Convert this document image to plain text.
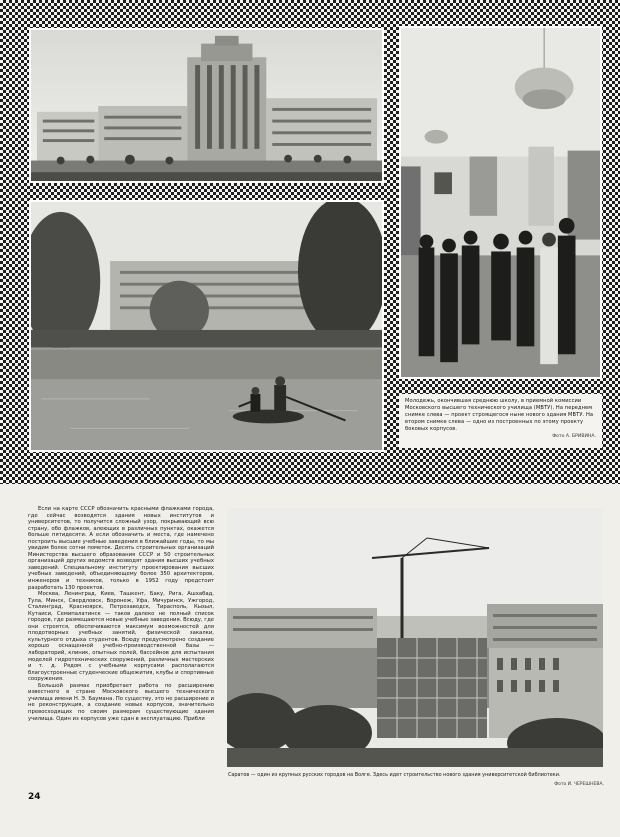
Молодежь, окончившая среднюю школу, в приемной комиссии Московского высшего технического училища (МВТУ). На переднем снимке слева — проект строящегося ныне нового здания МВТУ. На втором снимке слева — одно из построенных по этому проекту боковых корпусов.
Фото А. БРИВИНА.

Если на карте СССР обозначить красными флажками города, где сейчас возводятся здания новых институтов и университетов, то получится сложный узор, покрывающий всю страну, обо флажков, алеющих в различных пунктах, окажется больше пятидесяти. А если обозначить и места, где намечено построить высшие учебные заведения в ближайшие годы, то мы увидим более сотни пометок. Десять строительных организаций Министерства высшего образования СССР и 50 строительных организаций других ведомств возводят здания высших учебных заведений. Специальному институту проектирования высших учебных заведений, объединяющему более 350 архитекторов, инженеров и техников, только в 1952 году предстоит разработать 130 проектов.

Москва, Ленинград, Киев, Ташкент, Баку, Рига, Ашхабад, Тула, Минск, Свердловск, Воронеж, Уфа, Мичуринск, Ужгород, Сталинград, Красноярск, Петрозаводск, Тирасполь, Кызыл, Кутаиси, Семипалатинск — таков далеко не полный список городов, где размещаются новые учебные заведения. Всюду, где они строятся, обеспечиваются максимум возможностей для плодотворных учебных занятий, физической закалки, культурного отдыха студентов. Всюду предусмотрено создание хорошо оснащенной учебно-производственной базы — лабораторий, клиник, опытных полей, бассейнов для испытания моделей гидротехнических сооружений, различных мастерских и т. д. Рядом с учебными корпусами располагаются благоустроенные студенческие общежития, клубы и спортивные сооружения.

Большой размах приобретает работа по расширению известного в стране Московского высшего технического училища имени Н. Э. Баумана. По существу, это не расширение и не реконструкция, а создание новых корпусов, значительно превосходящих по своим размерам существующие здания училища. Один из корпусов уже сдан в эксплуатацию. Прибли

Саратов — один из крупных русских городов на Волге. Здесь идет строительство нового здания университетской библиотеки.
Фото И. ЧЕРЕШНЕВА.
24
